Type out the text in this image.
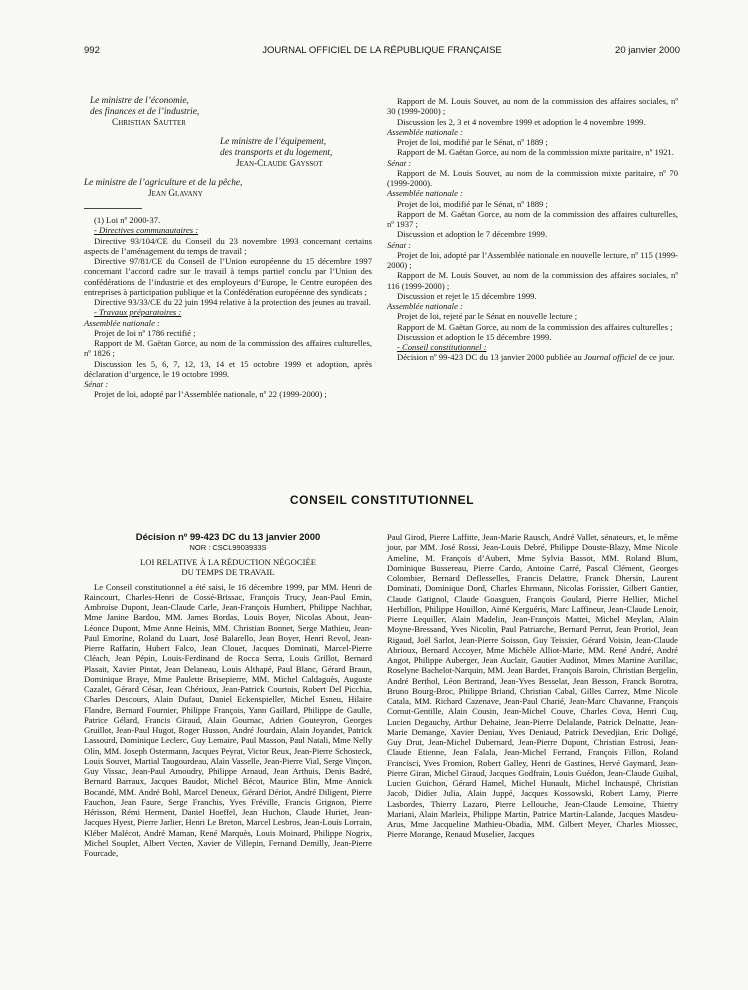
992	JOURNAL OFFICIEL DE LA RÉPUBLIQUE FRANÇAISE	20 janvier 2000
Le ministre de l’économie,
des finances et de l’industrie,
Christian Sautter
Le ministre de l’équipement,
des transports et du logement,
Jean-Claude Gayssot
Le ministre de l’agriculture et de la pêche,
Jean Glavany

(1) Loi nº 2000-37.

- Directives communautaires :

Directive 93/104/CE du Conseil du 23 novembre 1993 concernant certains aspects de l’aménagement du temps de travail ;

Directive 97/81/CE du Conseil de l’Union européenne du 15 décembre 1997 concernant l’accord cadre sur le travail à temps partiel conclu par l’Union des confédérations de l’industrie et des employeurs d’Europe, le Centre européen des entreprises à participation publique et la Confédération européenne des syndicats ;

Directive 93/33/CE du 22 juin 1994 relative à la protection des jeunes au travail.

- Travaux préparatoires :

Assemblée nationale :

Projet de loi nº 1786 rectifié ;

Rapport de M. Gaëtan Gorce, au nom de la commission des affaires culturelles, nº 1826 ;

Discussion les 5, 6, 7, 12, 13, 14 et 15 octobre 1999 et adoption, après déclaration d’urgence, le 19 octobre 1999.

Sénat :

Projet de loi, adopté par l’Assemblée nationale, nº 22 (1999-2000) ;

Rapport de M. Louis Souvet, au nom de la commission des affaires sociales, nº 30 (1999-2000) ;

Discussion les 2, 3 et 4 novembre 1999 et adoption le 4 novembre 1999.

Assemblée nationale :

Projet de loi, modifié par le Sénat, nº 1889 ;

Rapport de M. Gaëtan Gorce, au nom de la commission mixte paritaire, nº 1921.

Sénat :

Rapport de M. Louis Souvet, au nom de la commission mixte paritaire, nº 70 (1999-2000).

Assemblée nationale :

Projet de loi, modifié par le Sénat, nº 1889 ;

Rapport de M. Gaëtan Gorce, au nom de la commission des affaires culturelles, nº 1937 ;

Discussion et adoption le 7 décembre 1999.

Sénat :

Projet de loi, adopté par l’Assemblée nationale en nouvelle lecture, nº 115 (1999-2000) ;

Rapport de M. Louis Souvet, au nom de la commission des affaires sociales, nº 116 (1999-2000) ;

Discussion et rejet le 15 décembre 1999.

Assemblée nationale :

Projet de loi, rejeté par le Sénat en nouvelle lecture ;

Rapport de M. Gaëtan Gorce, au nom de la commission des affaires culturelles ;

Discussion et adoption le 15 décembre 1999.

- Conseil constitutionnel :

Décision nº 99-423 DC du 13 janvier 2000 publiée au Journal officiel de ce jour.

CONSEIL CONSTITUTIONNEL
Décision nº 99-423 DC du 13 janvier 2000
NOR : CSCL9903933S
LOI RELATIVE À LA RÉDUCTION NÉGOCIÉE
DU TEMPS DE TRAVAIL

Le Conseil constitutionnel a été saisi, le 16 décembre 1999, par MM. Henri de Raincourt, Charles-Henri de Cossé-Brissac, François Trucy, Jean-Paul Emin, Ambroise Dupont, Jean-Claude Carle, Jean-François Humbert, Philippe Nachbar, Mme Janine Bardou, MM. James Bordas, Louis Boyer, Nicolas About, Jean-Léonce Dupont, Mme Anne Heinis, MM. Christian Bonnet, Serge Mathieu, Jean-Paul Emorine, Roland du Luart, José Balarello, Jean Boyer, Henri Revol, Jean-Pierre Raffarin, Hubert Falco, Jean Clouet, Jacques Dominati, Marcel-Pierre Cléach, Jean Pépin, Louis-Ferdinand de Rocca Serra, Louis Grillot, Bernard Plasait, Xavier Pintat, Jean Delaneau, Louis Althapé, Paul Blanc, Gérard Braun, Dominique Braye, Mme Paulette Brisepierre, MM. Michel Caldaguès, Auguste Cazalet, Gérard César, Jean Chérioux, Jean-Patrick Courtois, Robert Del Picchia, Charles Descours, Alain Dufaut, Daniel Eckenspieller, Michel Esneu, Hilaire Flandre, Bernard Fournier, Philippe François, Yann Gaillard, Philippe de Gaulle, Patrice Gélard, Francis Giraud, Alain Gournac, Adrien Gouteyron, Georges Gruillot, Jean-Paul Hugot, Roger Husson, André Jourdain, Alain Joyandet, Patrick Lassourd, Dominique Leclerc, Guy Lemaire, Paul Masson, Paul Natali, Mme Nelly Olin, MM. Joseph Ostermann, Jacques Peyrat, Victor Reux, Jean-Pierre Schosteck, Louis Souvet, Martial Taugourdeau, Alain Vasselle, Jean-Pierre Vial, Serge Vinçon, Guy Vissac, Jean-Paul Amoudry, Philippe Arnaud, Jean Arthuis, Denis Badré, Bernard Barraux, Jacques Baudot, Michel Bécot, Maurice Blin, Mme Annick Bocandé, MM. André Bohl, Marcel Deneux, Gérard Dériot, André Diligent, Pierre Fauchon, Jean Faure, Serge Franchis, Yves Fréville, Francis Grignon, Pierre Hérisson, Rémi Herment, Daniel Hoeffel, Jean Huchon, Claude Huriet, Jean-Jacques Hyest, Pierre Jarlier, Henri Le Breton, Marcel Lesbros, Jean-Louis Lorrain, Kléber Malécot, André Maman, René Marquès, Louis Moinard, Philippe Nogrix, Michel Souplet, Albert Vecten, Xavier de Villepin, Fernand Demilly, Jean-Pierre Fourcade,

Paul Girod, Pierre Laffitte, Jean-Marie Rausch, André Vallet, sénateurs, et, le même jour, par MM. José Rossi, Jean-Louis Debré, Philippe Douste-Blazy, Mme Nicole Ameline, M. François d’Aubert, Mme Sylvia Bassot, MM. Roland Blum, Dominique Bussereau, Pierre Cardo, Antoine Carré, Pascal Clément, Georges Colombier, Bernard Deflesselles, Francis Delattre, Franck Dhersin, Laurent Dominati, Dominique Dord, Charles Ehrmann, Nicolas Forissier, Gilbert Gantier, Claude Gatignol, Claude Goasguen, François Goulard, Pierre Hellier, Michel Herbillon, Philippe Houillon, Aimé Kerguéris, Marc Laffineur, Jean-Claude Lenoir, Pierre Lequiller, Alain Madelin, Jean-François Mattei, Michel Meylan, Alain Moyne-Bressand, Yves Nicolin, Paul Patriarche, Bernard Perrut, Jean Proriol, Jean Rigaud, Joël Sarlot, Jean-Pierre Soisson, Guy Teissier, Gérard Voisin, Jean-Claude Abrioux, Bernard Accoyer, Mme Michèle Alliot-Marie, MM. René André, André Angot, Philippe Auberger, Jean Auclair, Gautier Audinot, Mmes Martine Aurillac, Roselyne Bachelot-Narquin, MM. Jean Bardet, François Baroin, Christian Bergelin, André Berthol, Léon Bertrand, Jean-Yves Besselat, Jean Besson, Franck Borotra, Bruno Bourg-Broc, Philippe Briand, Christian Cabal, Gilles Carrez, Mme Nicole Catala, MM. Richard Cazenave, Jean-Paul Charié, Jean-Marc Chavanne, François Cornut-Gentille, Alain Cousin, Jean-Michel Couve, Charles Cova, Henri Cuq, Lucien Degauchy, Arthur Dehaine, Jean-Pierre Delalande, Patrick Delnatte, Jean-Marie Demange, Xavier Deniau, Yves Deniaud, Patrick Devedjian, Eric Doligé, Guy Drut, Jean-Michel Dubernard, Jean-Pierre Dupont, Christian Estrosi, Jean-Claude Etienne, Jean Falala, Jean-Michel Ferrand, François Fillon, Roland Francisci, Yves Fromion, Robert Galley, Henri de Gastines, Hervé Gaymard, Jean-Pierre Giran, Michel Giraud, Jacques Godfrain, Louis Guédon, Jean-Claude Guibal, Lucien Guichon, Gérard Hamel, Michel Hunault, Michel Inchauspé, Christian Jacob, Didier Julia, Alain Juppé, Jacques Kossowski, Robert Lamy, Pierre Lasbordes, Thierry Lazaro, Pierre Lellouche, Jean-Claude Lemoine, Thierry Mariani, Alain Marleix, Philippe Martin, Patrice Martin-Lalande, Jacques Masdeu-Arus, Mme Jacqueline Mathieu-Obadia, MM. Gilbert Meyer, Charles Miossec, Pierre Morange, Renaud Muselier, Jacques
